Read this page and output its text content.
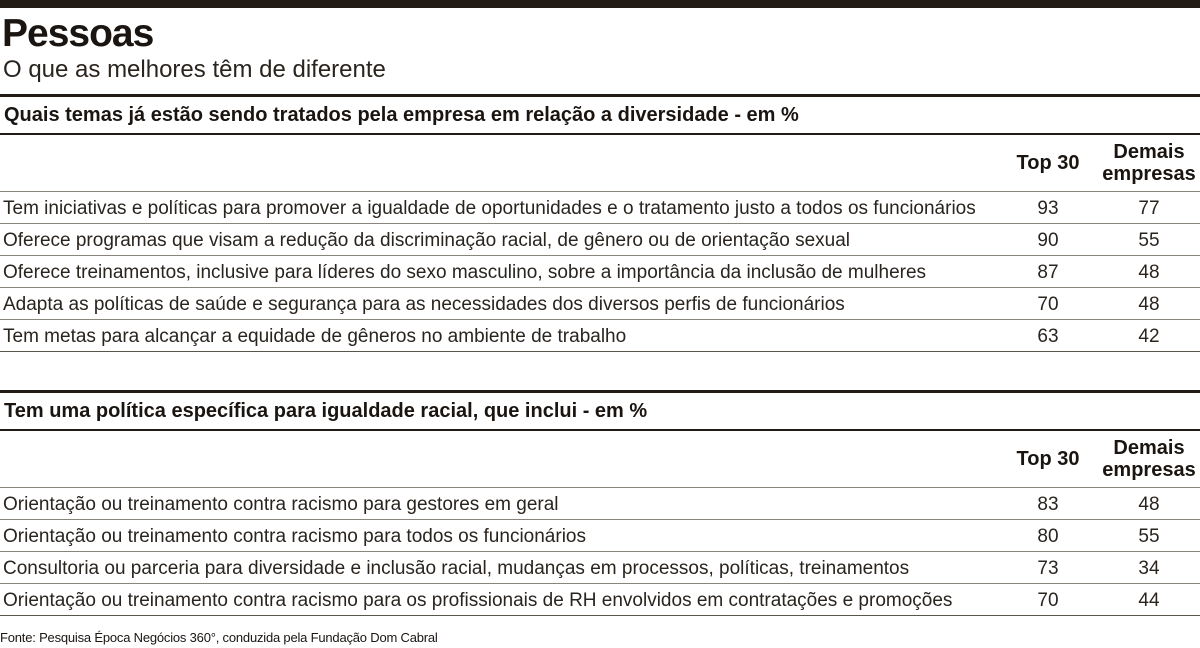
Pessoas
O que as melhores têm de diferente
Quais temas já estão sendo tratados pela empresa em relação a diversidade - em %
Top 30	Demais
empresas
Tem iniciativas e políticas para promover a igualdade de oportunidades e o tratamento justo a todos os funcionários	93	77
Oferece programas que visam a redução da discriminação racial, de gênero ou de orientação sexual	90	55
Oferece treinamentos, inclusive para líderes do sexo masculino, sobre a importância da inclusão de mulheres	87	48
Adapta as políticas de saúde e segurança para as necessidades dos diversos perfis de funcionários	70	48
Tem metas para alcançar a equidade de gêneros no ambiente de trabalho	63	42
Tem uma política específica para igualdade racial, que inclui - em %
Top 30	Demais
empresas
Orientação ou treinamento contra racismo para gestores em geral	83	48
Orientação ou treinamento contra racismo para todos os funcionários	80	55
Consultoria ou parceria para diversidade e inclusão racial, mudanças em processos, políticas, treinamentos	73	34
Orientação ou treinamento contra racismo para os profissionais de RH envolvidos em contratações e promoções	70	44
Fonte: Pesquisa Época Negócios 360°, conduzida pela Fundação Dom Cabral
